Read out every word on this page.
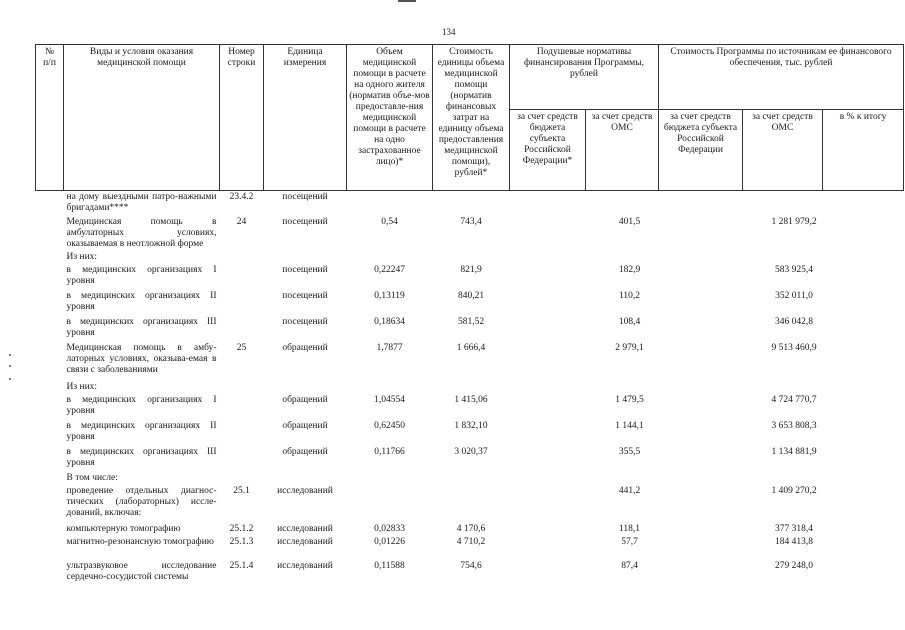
134
№
п/п	Виды и условия оказания медицинской помощи	Номер строки	Единица измерения	Объем медицинской помощи в расчете на одного жителя (норматив объе-мов предоставле-ния медицинской помощи в расчете на одно застрахованное лицо)*	Стоимость единицы объема медицинской помощи (норматив финансовых затрат на единицу объема предоставления медицинской помощи), рублей*	Подушевые нормативы финансирования Программы, рублей		Стоимость Программы по источникам ее финансового обеспечения, тыс. рублей		
						за счет средств бюджета субъекта Российской Федерации*	за счет средств ОМС	за счет средств бюджета субъекта Российской Федерации	за счет средств ОМС	в % к итогу
	на дому выездными патро-нажными бригадами****	23.4.2	посещений							
	Медицинская помощь в амбулаторных условиях, оказываемая в неотложной форме	24	посещений	0,54	743,4		401,5		1 281 979,2	
	Из них:									
	в медицинских организациях I уровня		посещений	0,22247	821,9		182,9		583 925,4	
	в медицинских организациях II уровня		посещений	0,13119	840,21		110,2		352 011,0	
	в медицинских организациях III уровня		посещений	0,18634	581,52		108,4		346 042,8	
	Медицинская помощь в амбу-латорных условиях, оказыва-емая в связи с заболеваниями	25	обращений	1,7877	1 666,4		2 979,1		9 513 460,9	
	Из них:									
	в медицинских организациях I уровня		обращений	1,04554	1 415,06		1 479,5		4 724 770,7	
	в медицинских организациях II уровня		обращений	0,62450	1 832,10		1 144,1		3 653 808,3	
	в медицинских организациях III уровня		обращений	0,11766	3 020,37		355,5		1 134 881,9	
	В том числе:									
	проведение отдельных диагнос-тических (лабораторных) иссле-дований, включая:	25.1	исследований				441,2		1 409 270,2	
	компьютерную томографию	25.1.2	исследований	0,02833	4 170,6		118,1		377 318,4	
	магнитно-резонансную томографию	25.1.3	исследований	0,01226	4 710,2		57,7		184 413,8	
	ультразвуковое исследование сердечно-сосудистой системы	25.1.4	исследований	0,11588	754,6		87,4		279 248,0	
